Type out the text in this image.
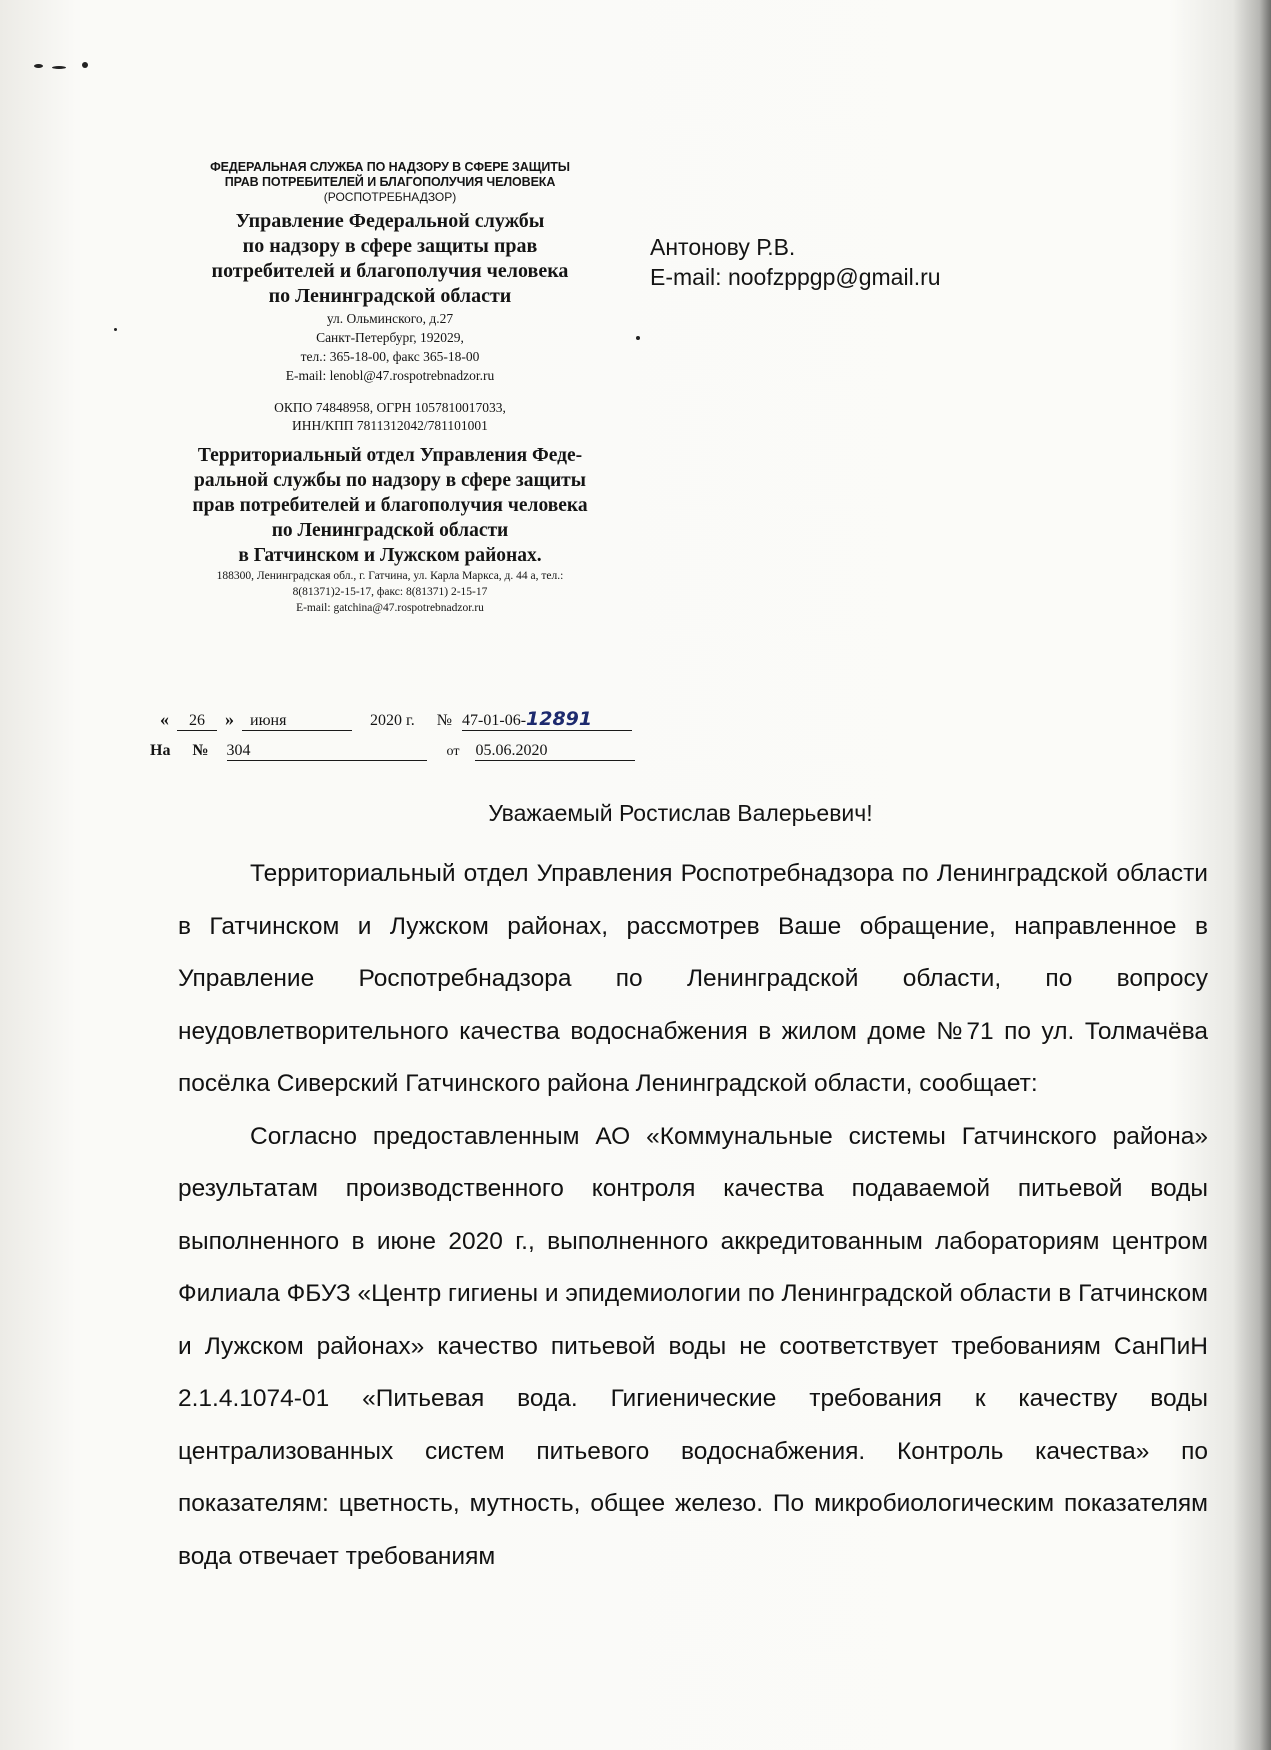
ФЕДЕРАЛЬНАЯ СЛУЖБА ПО НАДЗОРУ В СФЕРЕ ЗАЩИТЫ
ПРАВ ПОТРЕБИТЕЛЕЙ И БЛАГОПОЛУЧИЯ ЧЕЛОВЕКА
(РОСПОТРЕБНАДЗОР)
Управление Федеральной службы
по надзору в сфере защиты прав
потребителей и благополучия человека
по Ленинградской области
ул. Ольминского, д.27
Санкт-Петербург, 192029,
тел.: 365-18-00, факс 365-18-00
E-mail: lenobl@47.rospotrebnadzor.ru
ОКПО 74848958, ОГРН 1057810017033,
ИНН/КПП 7811312042/781101001
Территориальный отдел Управления Феде-
ральной службы по надзору в сфере защиты
прав потребителей и благополучия человека
по Ленинградской области
в Гатчинском и Лужском районах.
188300, Ленинградская обл., г. Гатчина, ул. Карла Маркса, д. 44 а, тел.:
8(81371)2-15-17, факс: 8(81371) 2-15-17
E-mail: gatchina@47.rospotrebnadzor.ru
Антонову Р.В.
E-mail: noofzppgp@gmail.ru
« 26 » июня	2020 г. № 47-01-06-12891
На № 304	от 05.06.2020
Уважаемый Ростислав Валерьевич!

Территориальный отдел Управления Роспотребнадзора по Ленинградской области в Гатчинском и Лужском районах, рассмотрев Ваше обращение, направленное в Управление Роспотребнадзора по Ленинградской области, по вопросу неудовлетворительного качества водоснабжения в жилом доме №71 по ул. Толмачёва посёлка Сиверский Гатчинского района Ленинградской области, сообщает:

Согласно предоставленным АО «Коммунальные системы Гатчинского района» результатам производственного контроля качества подаваемой питьевой воды выполненного в июне 2020 г., выполненного аккредитованным лабораториям центром Филиала ФБУЗ «Центр гигиены и эпидемиологии по Ленинградской области в Гатчинском и Лужском районах» качество питьевой воды не соответствует требованиям СанПиН 2.1.4.1074-01 «Питьевая вода. Гигиенические требования к качеству воды централизованных систем питьевого водоснабжения. Контроль качества» по показателям: цветность, мутность, общее железо. По микробиологическим показателям вода отвечает требованиям
